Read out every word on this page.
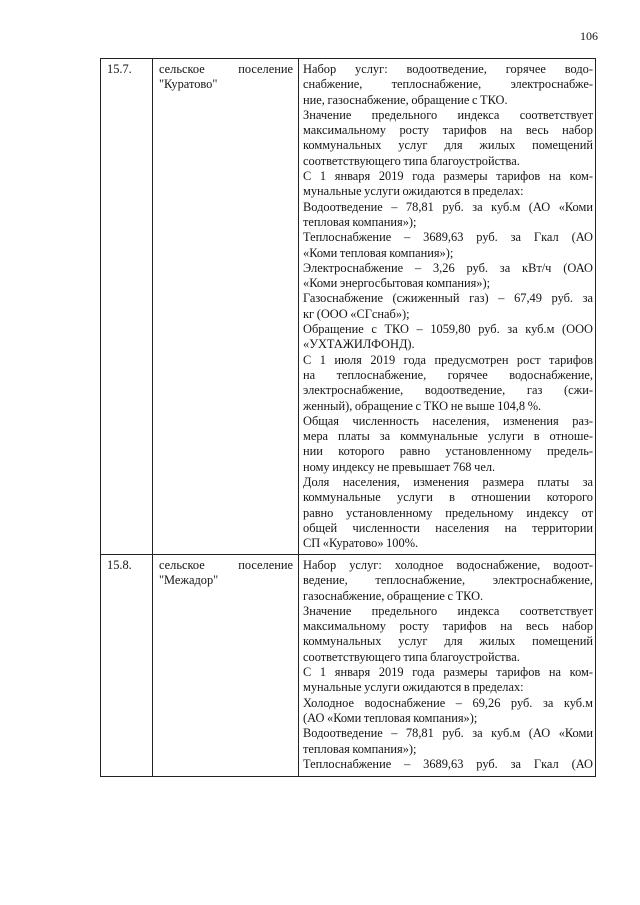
106
15.7. сельское	поселение
"Куратово"
Набор услуг: водоотведение, горячее водо-
снабжение, теплоснабжение, электроснабже-
ние, газоснабжение, обращение с ТКО.
Значение предельного индекса соответствует
максимальному росту тарифов на весь набор
коммунальных услуг для жилых помещений
соответствующего типа благоустройства.
С 1 января 2019 года размеры тарифов на ком-
мунальные услуги ожидаются в пределах:
Водоотведение – 78,81 руб. за куб.м (АО «Коми
тепловая компания»);
Теплоснабжение – 3689,63 руб. за Гкал (АО
«Коми тепловая компания»);
Электроснабжение – 3,26 руб. за кВт/ч (ОАО
«Коми энергосбытовая компания»);
Газоснабжение (сжиженный газ) – 67,49 руб. за
кг (ООО «СГснаб»);
Обращение с ТКО – 1059,80 руб. за куб.м (ООО
«УХТАЖИЛФОНД).
С 1 июля 2019 года предусмотрен рост тарифов
на теплоснабжение, горячее водоснабжение,
электроснабжение, водоотведение, газ (сжи-
женный), обращение с ТКО не выше 104,8 %.
Общая численность населения, изменения раз-
мера платы за коммунальные услуги в отноше-
нии которого равно установленному предель-
ному индексу не превышает 768 чел.
Доля населения, изменения размера платы за
коммунальные услуги в отношении которого
равно установленному предельному индексу от
общей численности населения на территории
СП «Куратово» 100%.
15.8. сельское	поселение
"Межадор"
Набор услуг: холодное водоснабжение, водоот-
ведение, теплоснабжение, электроснабжение,
газоснабжение, обращение с ТКО.
Значение предельного индекса соответствует
максимальному росту тарифов на весь набор
коммунальных услуг для жилых помещений
соответствующего типа благоустройства.
С 1 января 2019 года размеры тарифов на ком-
мунальные услуги ожидаются в пределах:
Холодное водоснабжение – 69,26 руб. за куб.м
(АО «Коми тепловая компания»);
Водоотведение – 78,81 руб. за куб.м (АО «Коми
тепловая компания»);
Теплоснабжение – 3689,63 руб. за Гкал (АО
